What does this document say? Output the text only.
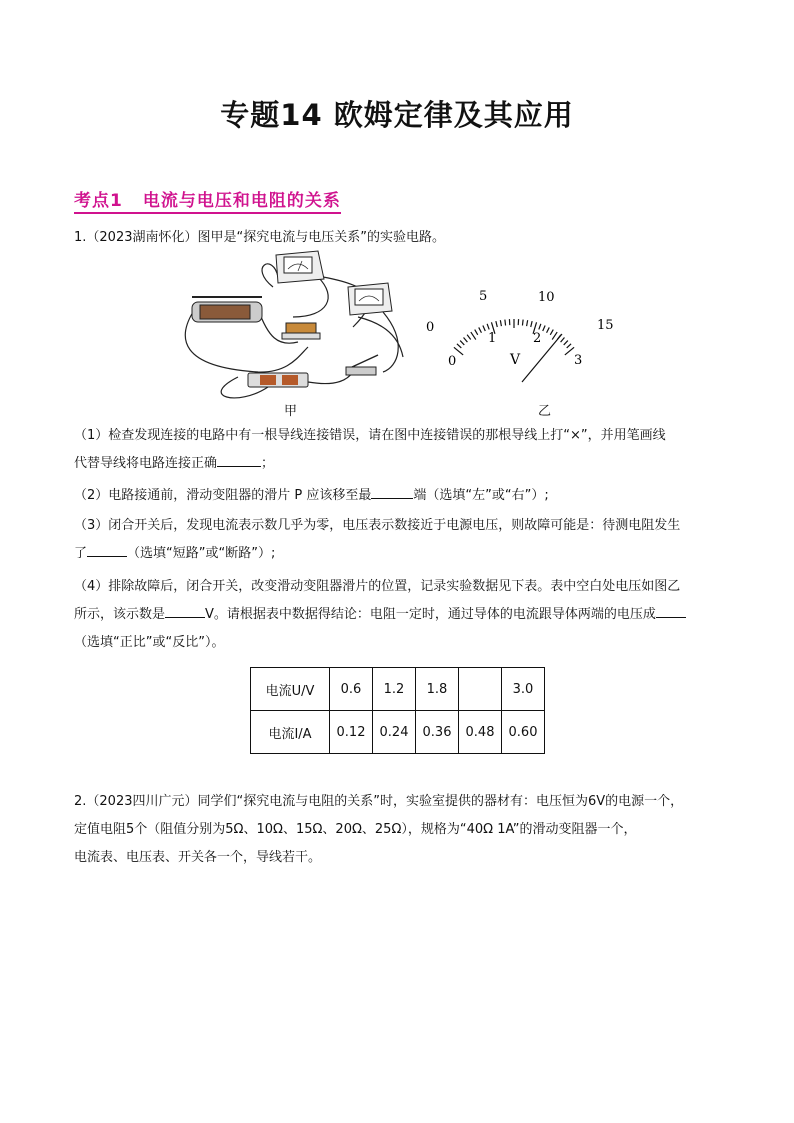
专题14 欧姆定律及其应用
考点1 电流与电压和电阻的关系
1.（2023湖南怀化）图甲是“探究电流与电压关系”的实验电路。
0
5	10
15
0
1	2
3
V
甲	乙
（1）检查发现连接的电路中有一根导线连接错误，请在图中连接错误的那根导线上打“×”，并用笔画线
代替导线将电路连接正确	；
（2）电路接通前，滑动变阻器的滑片 P 应该移至最	端（选填“左”或“右”）;
（3）闭合开关后，发现电流表示数几乎为零，电压表示数接近于电源电压，则故障可能是：待测电阻发生
了	（选填“短路”或“断路”）;
（4）排除故障后，闭合开关，改变滑动变阻器滑片的位置，记录实验数据见下表。表中空白处电压如图乙
所示，该示数是	V。请根据表中数据得结论：电阻一定时，通过导体的电流跟导体两端的电压成
（选填“正比”或“反比”）。
电流U/V	0.6	1.2	1.8		3.0
电流I/A	0.12	0.24	0.36	0.48	0.60
2.（2023四川广元）同学们“探究电流与电阻的关系”时，实验室提供的器材有：电压恒为6V的电源一个，
定值电阻5个（阻值分别为5Ω、10Ω、15Ω、20Ω、25Ω），规格为“40Ω 1A”的滑动变阻器一个，
电流表、电压表、开关各一个，导线若干。
